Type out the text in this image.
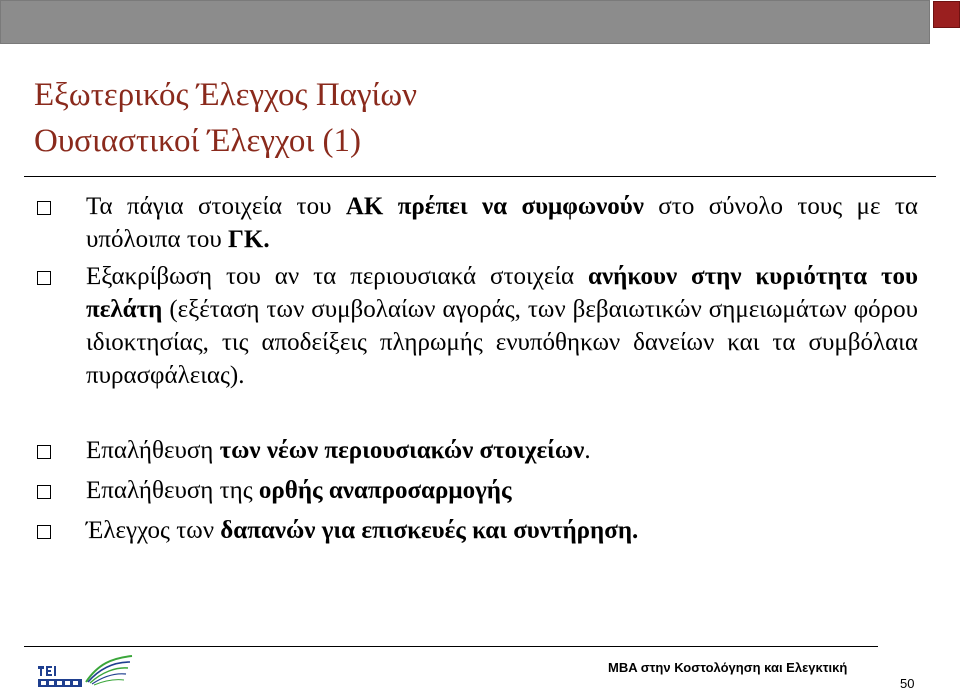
Εξωτερικός Έλεγχος Παγίων
Ουσιαστικοί Έλεγχοι (1)
Τα πάγια στοιχεία του ΑΚ πρέπει να συμφωνούν στο σύνολο τους με τα υπόλοιπα του ΓΚ.
Εξακρίβωση του αν τα περιουσιακά στοιχεία ανήκουν στην κυριότητα του πελάτη (εξέταση των συμβολαίων αγοράς, των βεβαιωτικών σημειωμάτων φόρου ιδιοκτησίας, τις αποδείξεις πληρωμής ενυπόθηκων δανείων και τα συμβόλαια πυρασφάλειας).
Επαλήθευση των νέων περιουσιακών στοιχείων.
Επαλήθευση της ορθής αναπροσαρμογής
Έλεγχος των δαπανών για επισκευές και συντήρηση.
MBA στην Κοστολόγηση και Ελεγκτική
50
